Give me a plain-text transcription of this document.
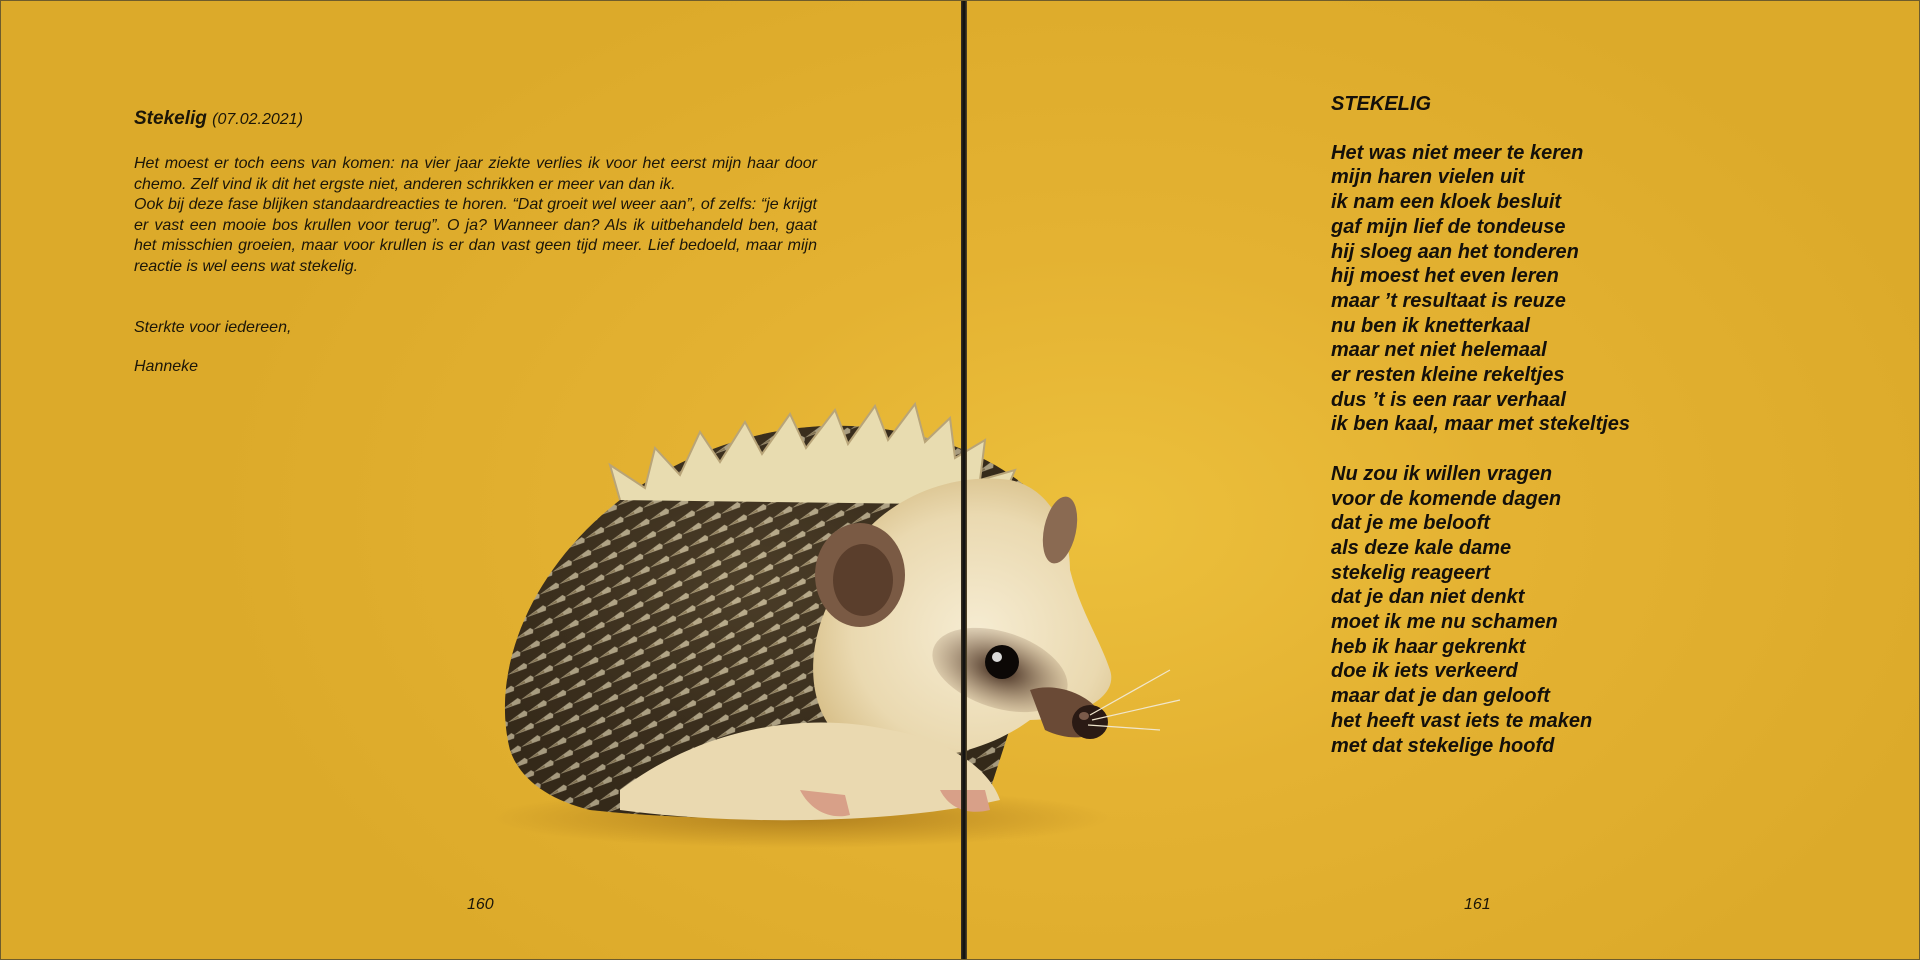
Stekelig (07.02.2021)

Het moest er toch eens van komen: na vier jaar ziekte verlies ik voor het eerst mijn haar door chemo. Zelf vind ik dit het ergste niet, anderen schrikken er meer van dan ik.

Ook bij deze fase blijken standaardreacties te horen. “Dat groeit wel weer aan”, of zelfs: “je krijgt er vast een mooie bos krullen voor terug”. O ja? Wanneer dan? Als ik uitbehandeld ben, gaat het misschien groeien, maar voor krullen is er dan vast geen tijd meer. Lief bedoeld, maar mijn reactie is wel eens wat stekelig.

Sterkte voor iedereen,
Hanneke
160	161
STEKELIG
Het was niet meer te keren
mijn haren vielen uit
ik nam een kloek besluit
gaf mijn lief de tondeuse
hij sloeg aan het tonderen
hij moest het even leren
maar ’t resultaat is reuze
nu ben ik knetterkaal
maar net niet helemaal
er resten kleine rekeltjes
dus ’t is een raar verhaal
ik ben kaal, maar met stekeltjes
Nu zou ik willen vragen
voor de komende dagen
dat je me belooft
als deze kale dame
stekelig reageert
dat je dan niet denkt
moet ik me nu schamen
heb ik haar gekrenkt
doe ik iets verkeerd
maar dat je dan gelooft
het heeft vast iets te maken
met dat stekelige hoofd
